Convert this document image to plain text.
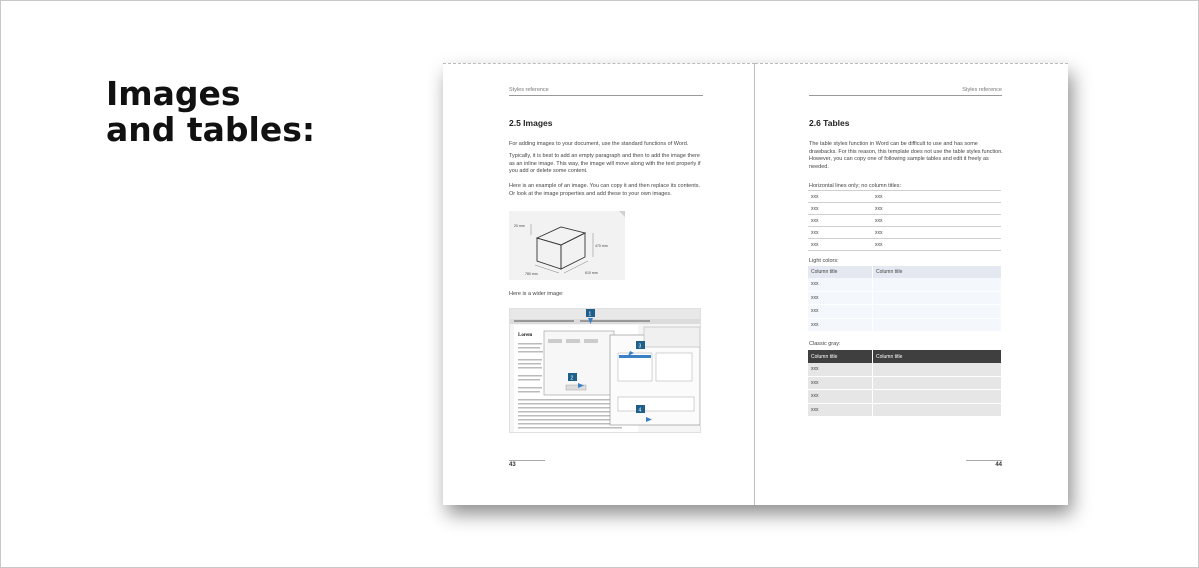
Images
and tables:
Styles reference
2.5 Images
For adding images to your document, use the standard functions of Word.
Typically, it is best to add an empty paragraph and then to add the image there as an inline image. This way, the image will move along with the text properly if you add or delete some content.
Here is an example of an image. You can copy it and then replace its contents. Or look at the image properties and add these to your own images.
20 mm
470 mm
780 mm	610 mm
Here is a wider image:
Lorem
1
2
3
4
43
Styles reference
2.6 Tables
The table styles function in Word can be difficult to use and has some drawbacks. For this reason, this template does not use the table styles function. However, you can copy one of following sample tables and edit it freely as needed.
Horizontal lines only; no column titles:
Light colors:
Classic gray:
44
xxx	xxx
xxx	xxx
xxx	xxx
xxx	xxx
xxx	xxx
Column title	Column title
xxx	
xxx	
xxx	
xxx	
Column title	Column title
xxx	
xxx	
xxx	
xxx	
